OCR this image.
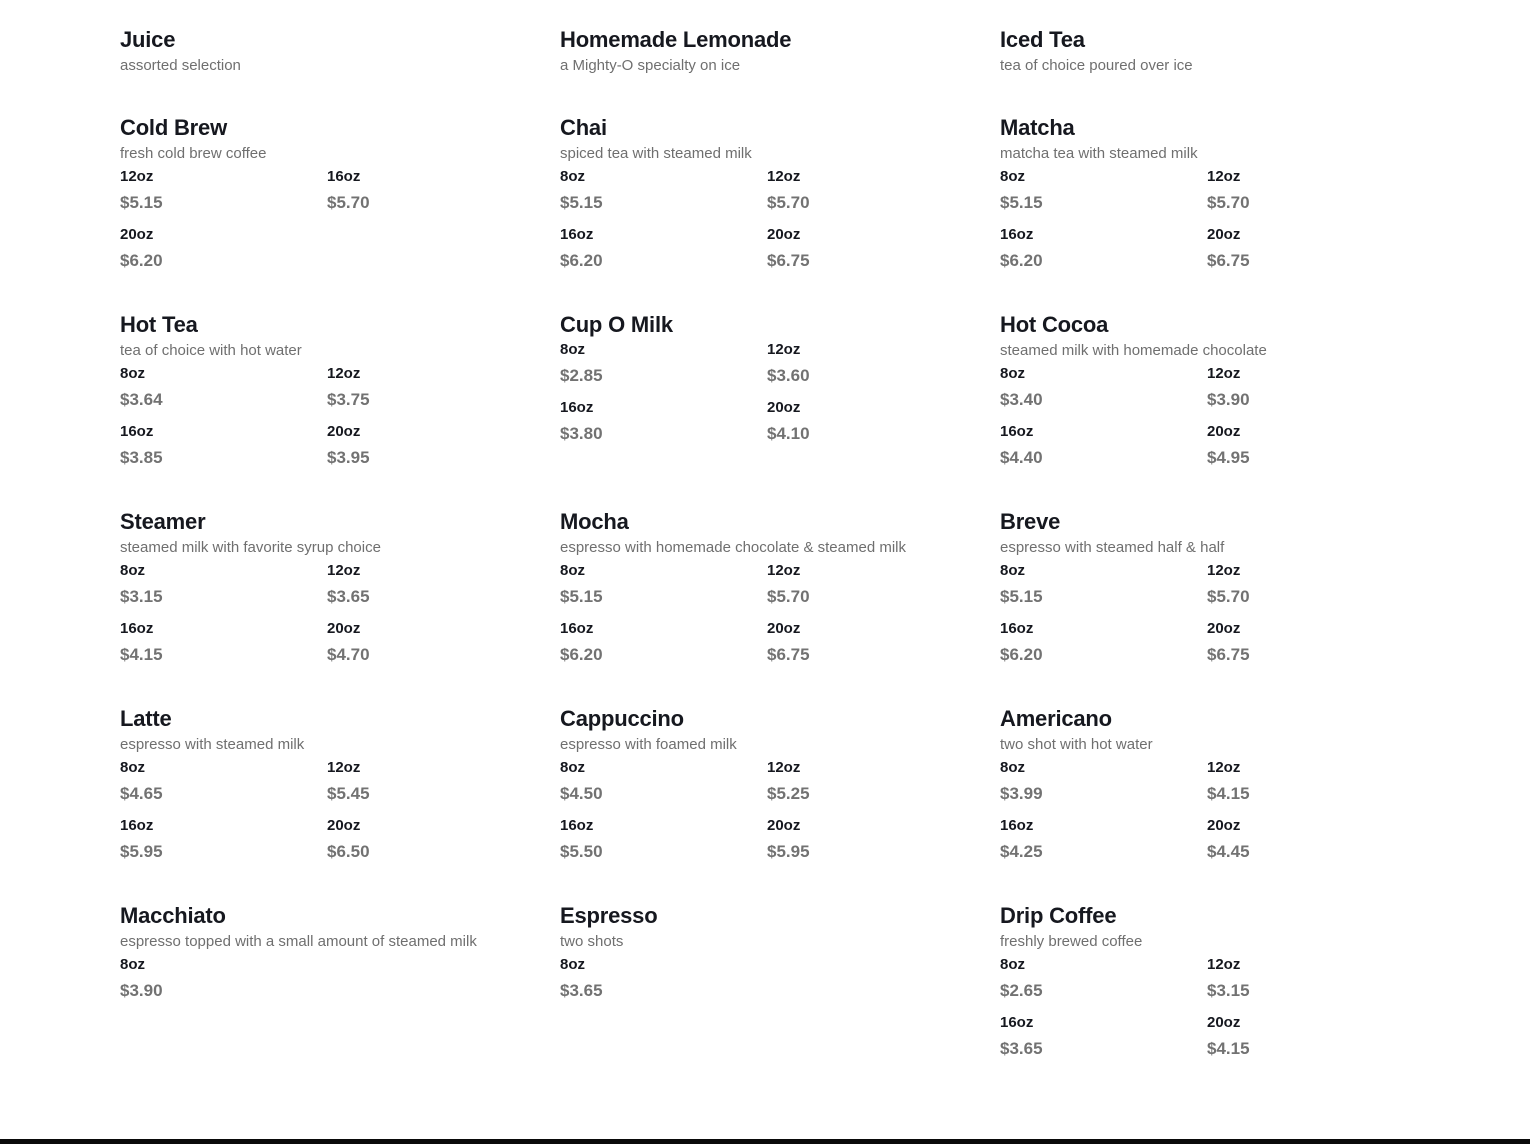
Juice

assorted selection

Homemade Lemonade

a Mighty-O specialty on ice

Iced Tea

tea of choice poured over ice

Cold Brew

fresh cold brew coffee

12oz
$5.15
16oz
$5.70
20oz
$6.20
Chai

spiced tea with steamed milk

8oz
$5.15
12oz
$5.70
16oz
$6.20
20oz
$6.75
Matcha

matcha tea with steamed milk

8oz
$5.15
12oz
$5.70
16oz
$6.20
20oz
$6.75
Hot Tea

tea of choice with hot water

8oz
$3.64
12oz
$3.75
16oz
$3.85
20oz
$3.95
Cup O Milk
8oz
$2.85
12oz
$3.60
16oz
$3.80
20oz
$4.10
Hot Cocoa

steamed milk with homemade chocolate

8oz
$3.40
12oz
$3.90
16oz
$4.40
20oz
$4.95
Steamer

steamed milk with favorite syrup choice

8oz
$3.15
12oz
$3.65
16oz
$4.15
20oz
$4.70
Mocha

espresso with homemade chocolate & steamed milk

8oz
$5.15
12oz
$5.70
16oz
$6.20
20oz
$6.75
Breve

espresso with steamed half & half

8oz
$5.15
12oz
$5.70
16oz
$6.20
20oz
$6.75
Latte

espresso with steamed milk

8oz
$4.65
12oz
$5.45
16oz
$5.95
20oz
$6.50
Cappuccino

espresso with foamed milk

8oz
$4.50
12oz
$5.25
16oz
$5.50
20oz
$5.95
Americano

two shot with hot water

8oz
$3.99
12oz
$4.15
16oz
$4.25
20oz
$4.45
Macchiato

espresso topped with a small amount of steamed milk

8oz
$3.90
Espresso

two shots

8oz
$3.65
Drip Coffee

freshly brewed coffee

8oz
$2.65
12oz
$3.15
16oz
$3.65
20oz
$4.15
